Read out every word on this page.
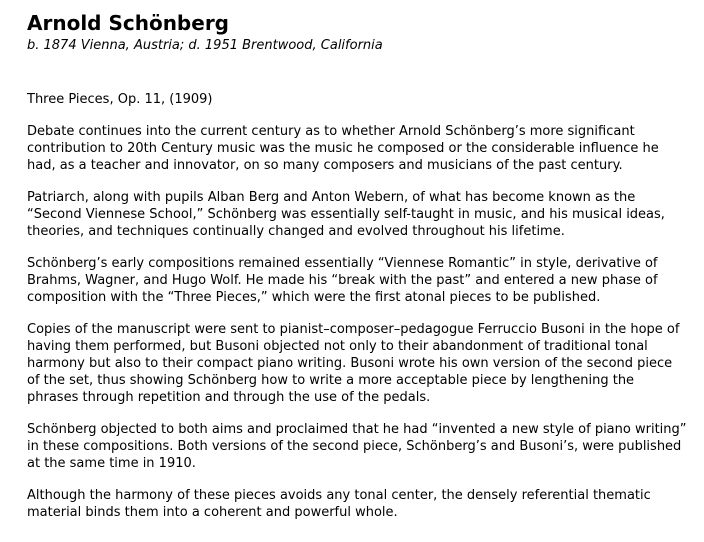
Arnold Schönberg
b. 1874 Vienna, Austria; d. 1951 Brentwood, California

Three Pieces, Op. 11, (1909)

Debate continues into the current century as to whether Arnold Schönberg’s more significant contribution to 20th Century music was the music he composed or the considerable influence he had, as a teacher and innovator, on so many composers and musicians of the past century.

Patriarch, along with pupils Alban Berg and Anton Webern, of what has become known as the “Second Viennese School,” Schönberg was essentially self-taught in music, and his musical ideas, theories, and techniques continually changed and evolved throughout his lifetime.

Schönberg’s early compositions remained essentially “Viennese Romantic” in style, derivative of Brahms, Wagner, and Hugo Wolf. He made his “break with the past” and entered a new phase of composition with the “Three Pieces,” which were the first atonal pieces to be published.

Copies of the manuscript were sent to pianist–composer–pedagogue Ferruccio Busoni in the hope of having them performed, but Busoni objected not only to their abandonment of traditional tonal harmony but also to their compact piano writing. Busoni wrote his own version of the second piece of the set, thus showing Schönberg how to write a more acceptable piece by lengthening the phrases through repetition and through the use of the pedals.

Schönberg objected to both aims and proclaimed that he had “invented a new style of piano writing” in these compositions. Both versions of the second piece, Schönberg’s and Busoni’s, were published at the same time in 1910.

Although the harmony of these pieces avoids any tonal center, the densely referential thematic material binds them into a coherent and powerful whole.
